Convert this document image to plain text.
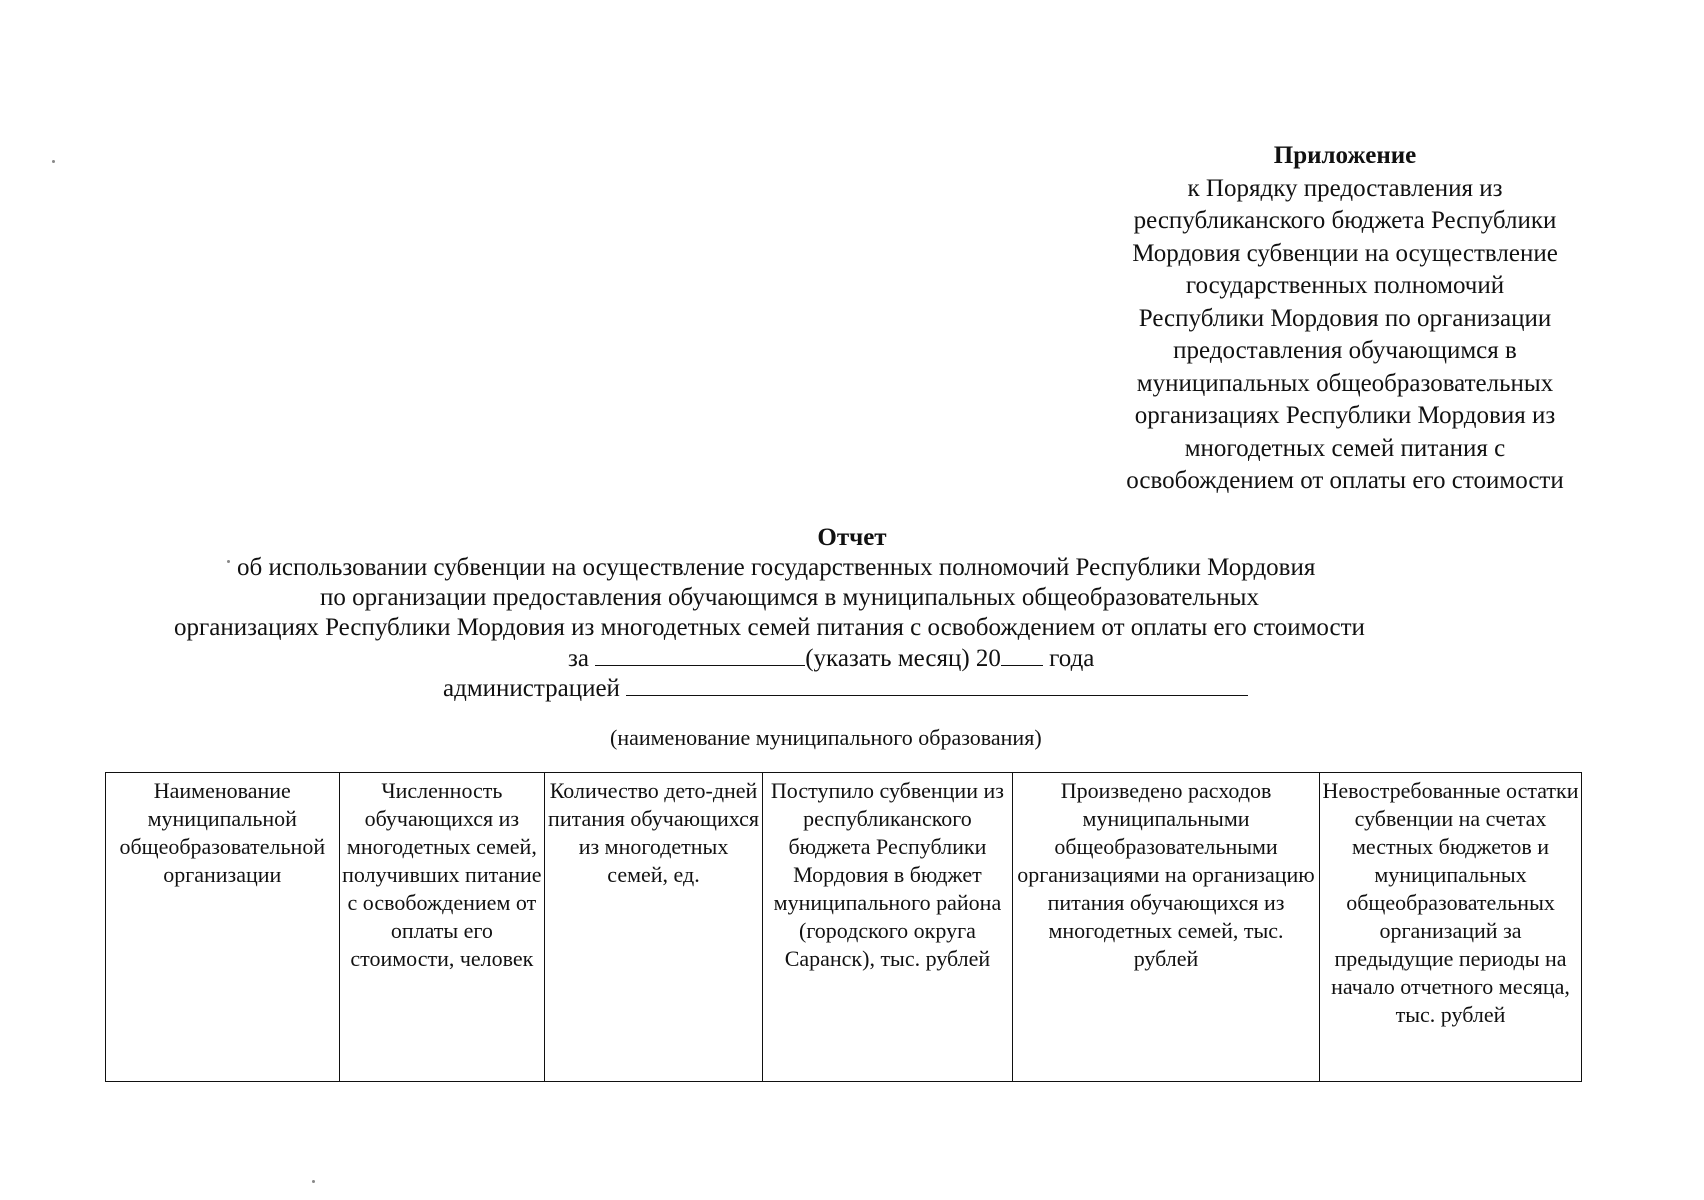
Приложение
к Порядку предоставления из
республиканского бюджета Республики
Мордовия субвенции на осуществление
государственных полномочий
Республики Мордовия по организации
предоставления обучающимся в
муниципальных общеобразовательных
организациях Республики Мордовия из
многодетных семей питания с
освобождением от оплаты его стоимости
Отчет
об использовании субвенции на осуществление государственных полномочий Республики Мордовия
по организации предоставления обучающимся в муниципальных общеобразовательных
организациях Республики Мордовия из многодетных семей питания с освобождением от оплаты его стоимости
за	(указать месяц) 20 года
администрацией
(наименование муниципального образования)
Наименование муниципальной общеобразовательной организации	Численность обучающихся из многодетных семей, получивших питание с освобождением от оплаты его стоимости, человек	Количество дето-дней питания обучающихся из многодетных семей, ед.	Поступило субвенции из республиканского бюджета Республики Мордовия в бюджет муниципального района (городского округа Саранск), тыс. рублей	Произведено расходов муниципальными общеобразовательными организациями на организацию питания обучающихся из многодетных семей, тыс. рублей	Невостребованные остатки субвенции на счетах местных бюджетов и муниципальных общеобразовательных организаций за предыдущие периоды на начало отчетного месяца, тыс. рублей
